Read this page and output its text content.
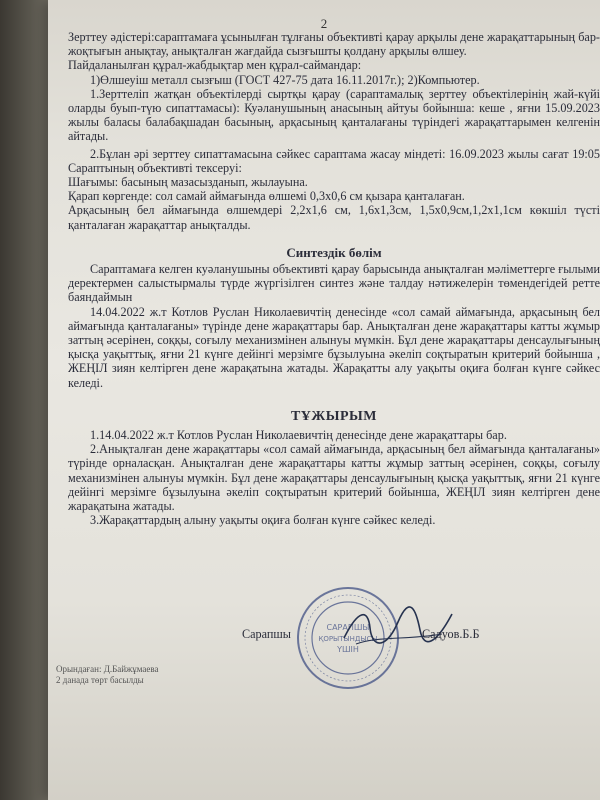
2

Зерттеу әдістері:сараптамаға ұсынылған тұлғаны объективті қарау арқылы дене жарақаттарының бар-жоқтығын анықтау, анықталған жағдайда сызғышты қолдану арқылы өлшеу.

Пайдаланылған құрал-жабдықтар мен құрал-саймандар:

1)Өлшеуіш металл сызғыш (ГОСТ 427-75 дата 16.11.2017г.); 2)Компьютер.

1.Зерттеліп жатқан объектілерді сыртқы қарау (сараптамалық зерттеу объектілерінің жай-күйі оларды буып-түю сипаттамасы): Куәланушының анасының айтуы бойынша: кеше , яғни 15.09.2023 жылы баласы балабақшадан басының, арқасының қанталағаны түріндегі жарақаттарымен келгенін айтады.

2.Бұлан әрі зерттеу сипаттамасына сәйкес сараптама жасау міндеті: 16.09.2023 жылы сағат 19:05 Сараптының объективті тексеруі:

Шағымы: басының мазасызданып, жылауына.

Қарап көргенде: сол самай аймағында өлшемі 0,3х0,6 см қызара қанталаған.

Арқасының бел аймағында өлшемдері 2,2х1,6 см, 1,6х1,3см, 1,5х0,9см,1,2х1,1см көкшіл түсті қанталаған жарақаттар анықталды.

Синтездік бөлім

Сараптамаға келген куәланушыны объективті қарау барысында анықталған мәліметтерге ғылыми деректермен салыстырмалы түрде жүргізілген синтез және талдау нәтижелерін төмендегідей ретте баяндаймын

14.04.2022 ж.т Котлов Руслан Николаевичтің денесінде «сол самай аймағында, арқасының бел аймағында қанталағаны» түрінде дене жарақаттары бар. Анықталған дене жарақаттары катты жұмыр заттың әсерінен, соққы, соғылу механизмінен алынуы мүмкін. Бұл дене жарақаттары денсаулығының қысқа уақыттық, яғни 21 күнге дейінгі мерзімге бұзылуына әкеліп соқтыратын критерий бойынша , ЖЕҢІЛ зиян келтірген дене жарақатына жатады. Жарақатты алу уақыты оқиға болған күнге сәйкес келеді.

ТҰЖЫРЫМ

1.14.04.2022 ж.т Котлов Руслан Николаевичтің денесінде дене жарақаттары бар.

2.Анықталған дене жарақаттары «сол самай аймағында, арқасының бел аймағында қанталағаны» түрінде орналасқан. Анықталған дене жарақаттары катты жұмыр заттың әсерінен, соққы, соғылу механизмінен алынуы мүмкін. Бұл дене жарақаттары денсаулығының қысқа уақыттық, яғни 21 күнге дейінгі мерзімге бұзылуына әкеліп соқтыратын критерий бойынша, ЖЕҢІЛ зиян келтірген дене жарақатына жатады.

3.Жарақаттардың алыну уақыты оқиға болған күнге сәйкес келеді.

САРАПШЫ
ҚОРЫТЫНДЫСЫ
ҮШІН
Сарапшы	Садуов.Б.Б

Орындаған: Д.Байжұмаева

2 данада төрт басылды
